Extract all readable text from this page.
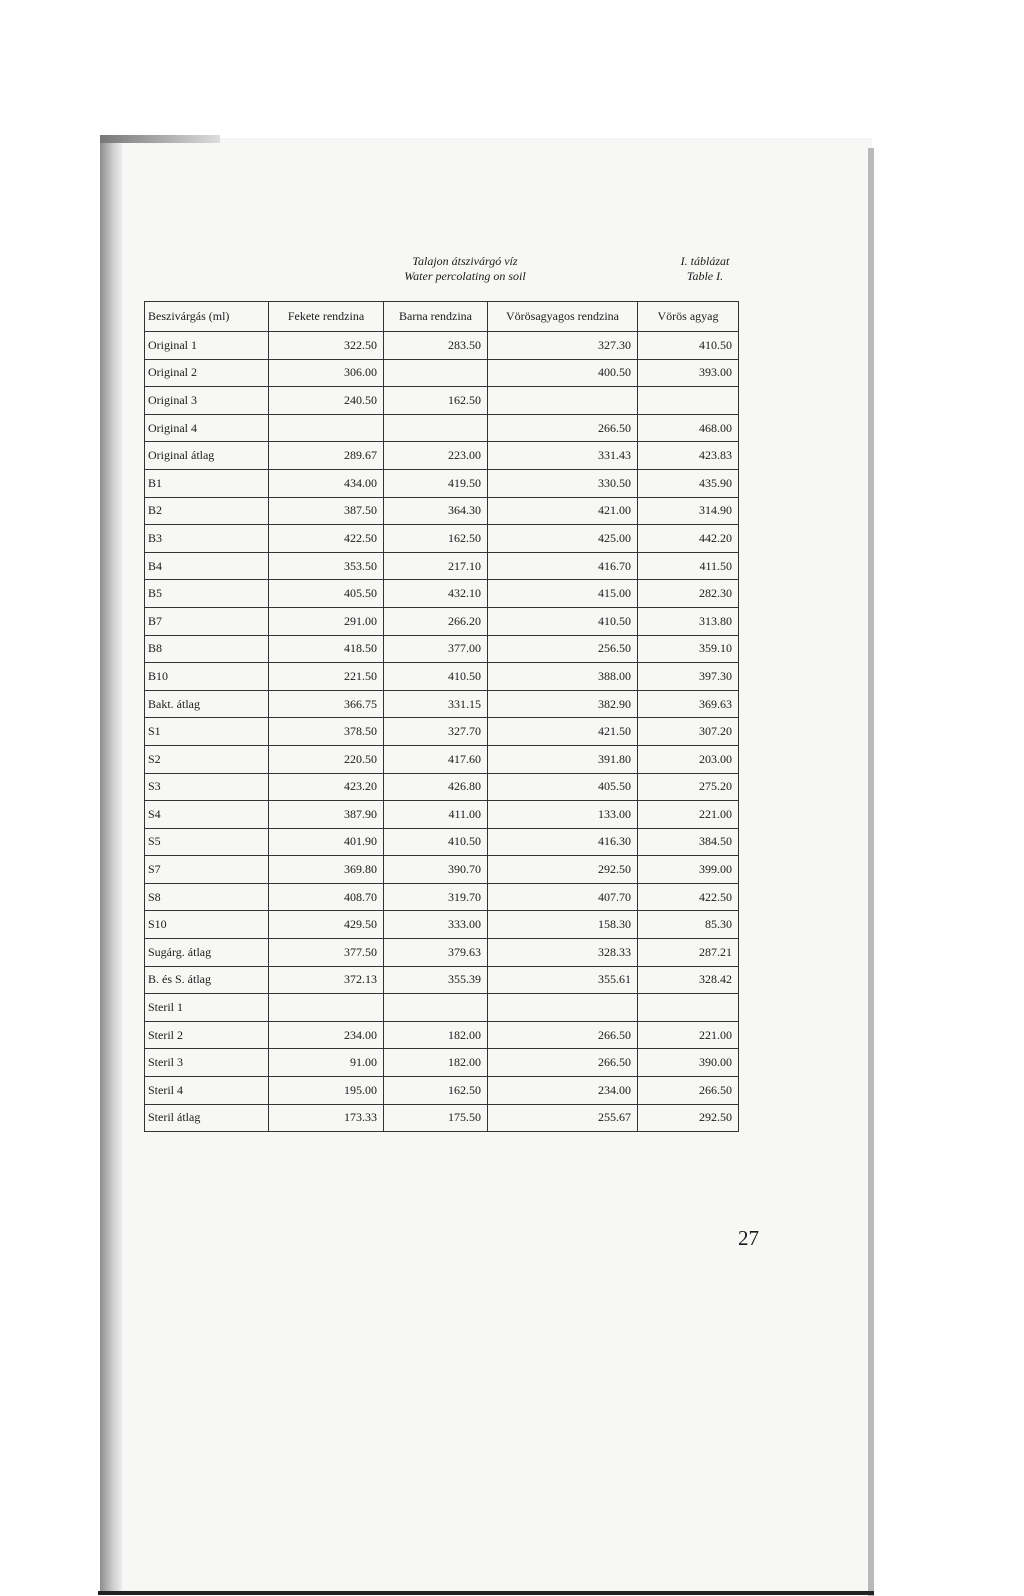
Talajon átszivárgó víz
Water percolating on soil
I. táblázat
Table I.
Beszivárgás (ml)	Fekete rendzina	Barna rendzina	Vörösagyagos rendzina	Vörös agyag
Original 1	322.50	283.50	327.30	410.50
Original 2	306.00		400.50	393.00
Original 3	240.50	162.50		
Original 4			266.50	468.00
Original átlag	289.67	223.00	331.43	423.83
B1	434.00	419.50	330.50	435.90
B2	387.50	364.30	421.00	314.90
B3	422.50	162.50	425.00	442.20
B4	353.50	217.10	416.70	411.50
B5	405.50	432.10	415.00	282.30
B7	291.00	266.20	410.50	313.80
B8	418.50	377.00	256.50	359.10
B10	221.50	410.50	388.00	397.30
Bakt. átlag	366.75	331.15	382.90	369.63
S1	378.50	327.70	421.50	307.20
S2	220.50	417.60	391.80	203.00
S3	423.20	426.80	405.50	275.20
S4	387.90	411.00	133.00	221.00
S5	401.90	410.50	416.30	384.50
S7	369.80	390.70	292.50	399.00
S8	408.70	319.70	407.70	422.50
S10	429.50	333.00	158.30	85.30
Sugárg. átlag	377.50	379.63	328.33	287.21
B. és S. átlag	372.13	355.39	355.61	328.42
Steril 1				
Steril 2	234.00	182.00	266.50	221.00
Steril 3	91.00	182.00	266.50	390.00
Steril 4	195.00	162.50	234.00	266.50
Steril átlag	173.33	175.50	255.67	292.50
27
